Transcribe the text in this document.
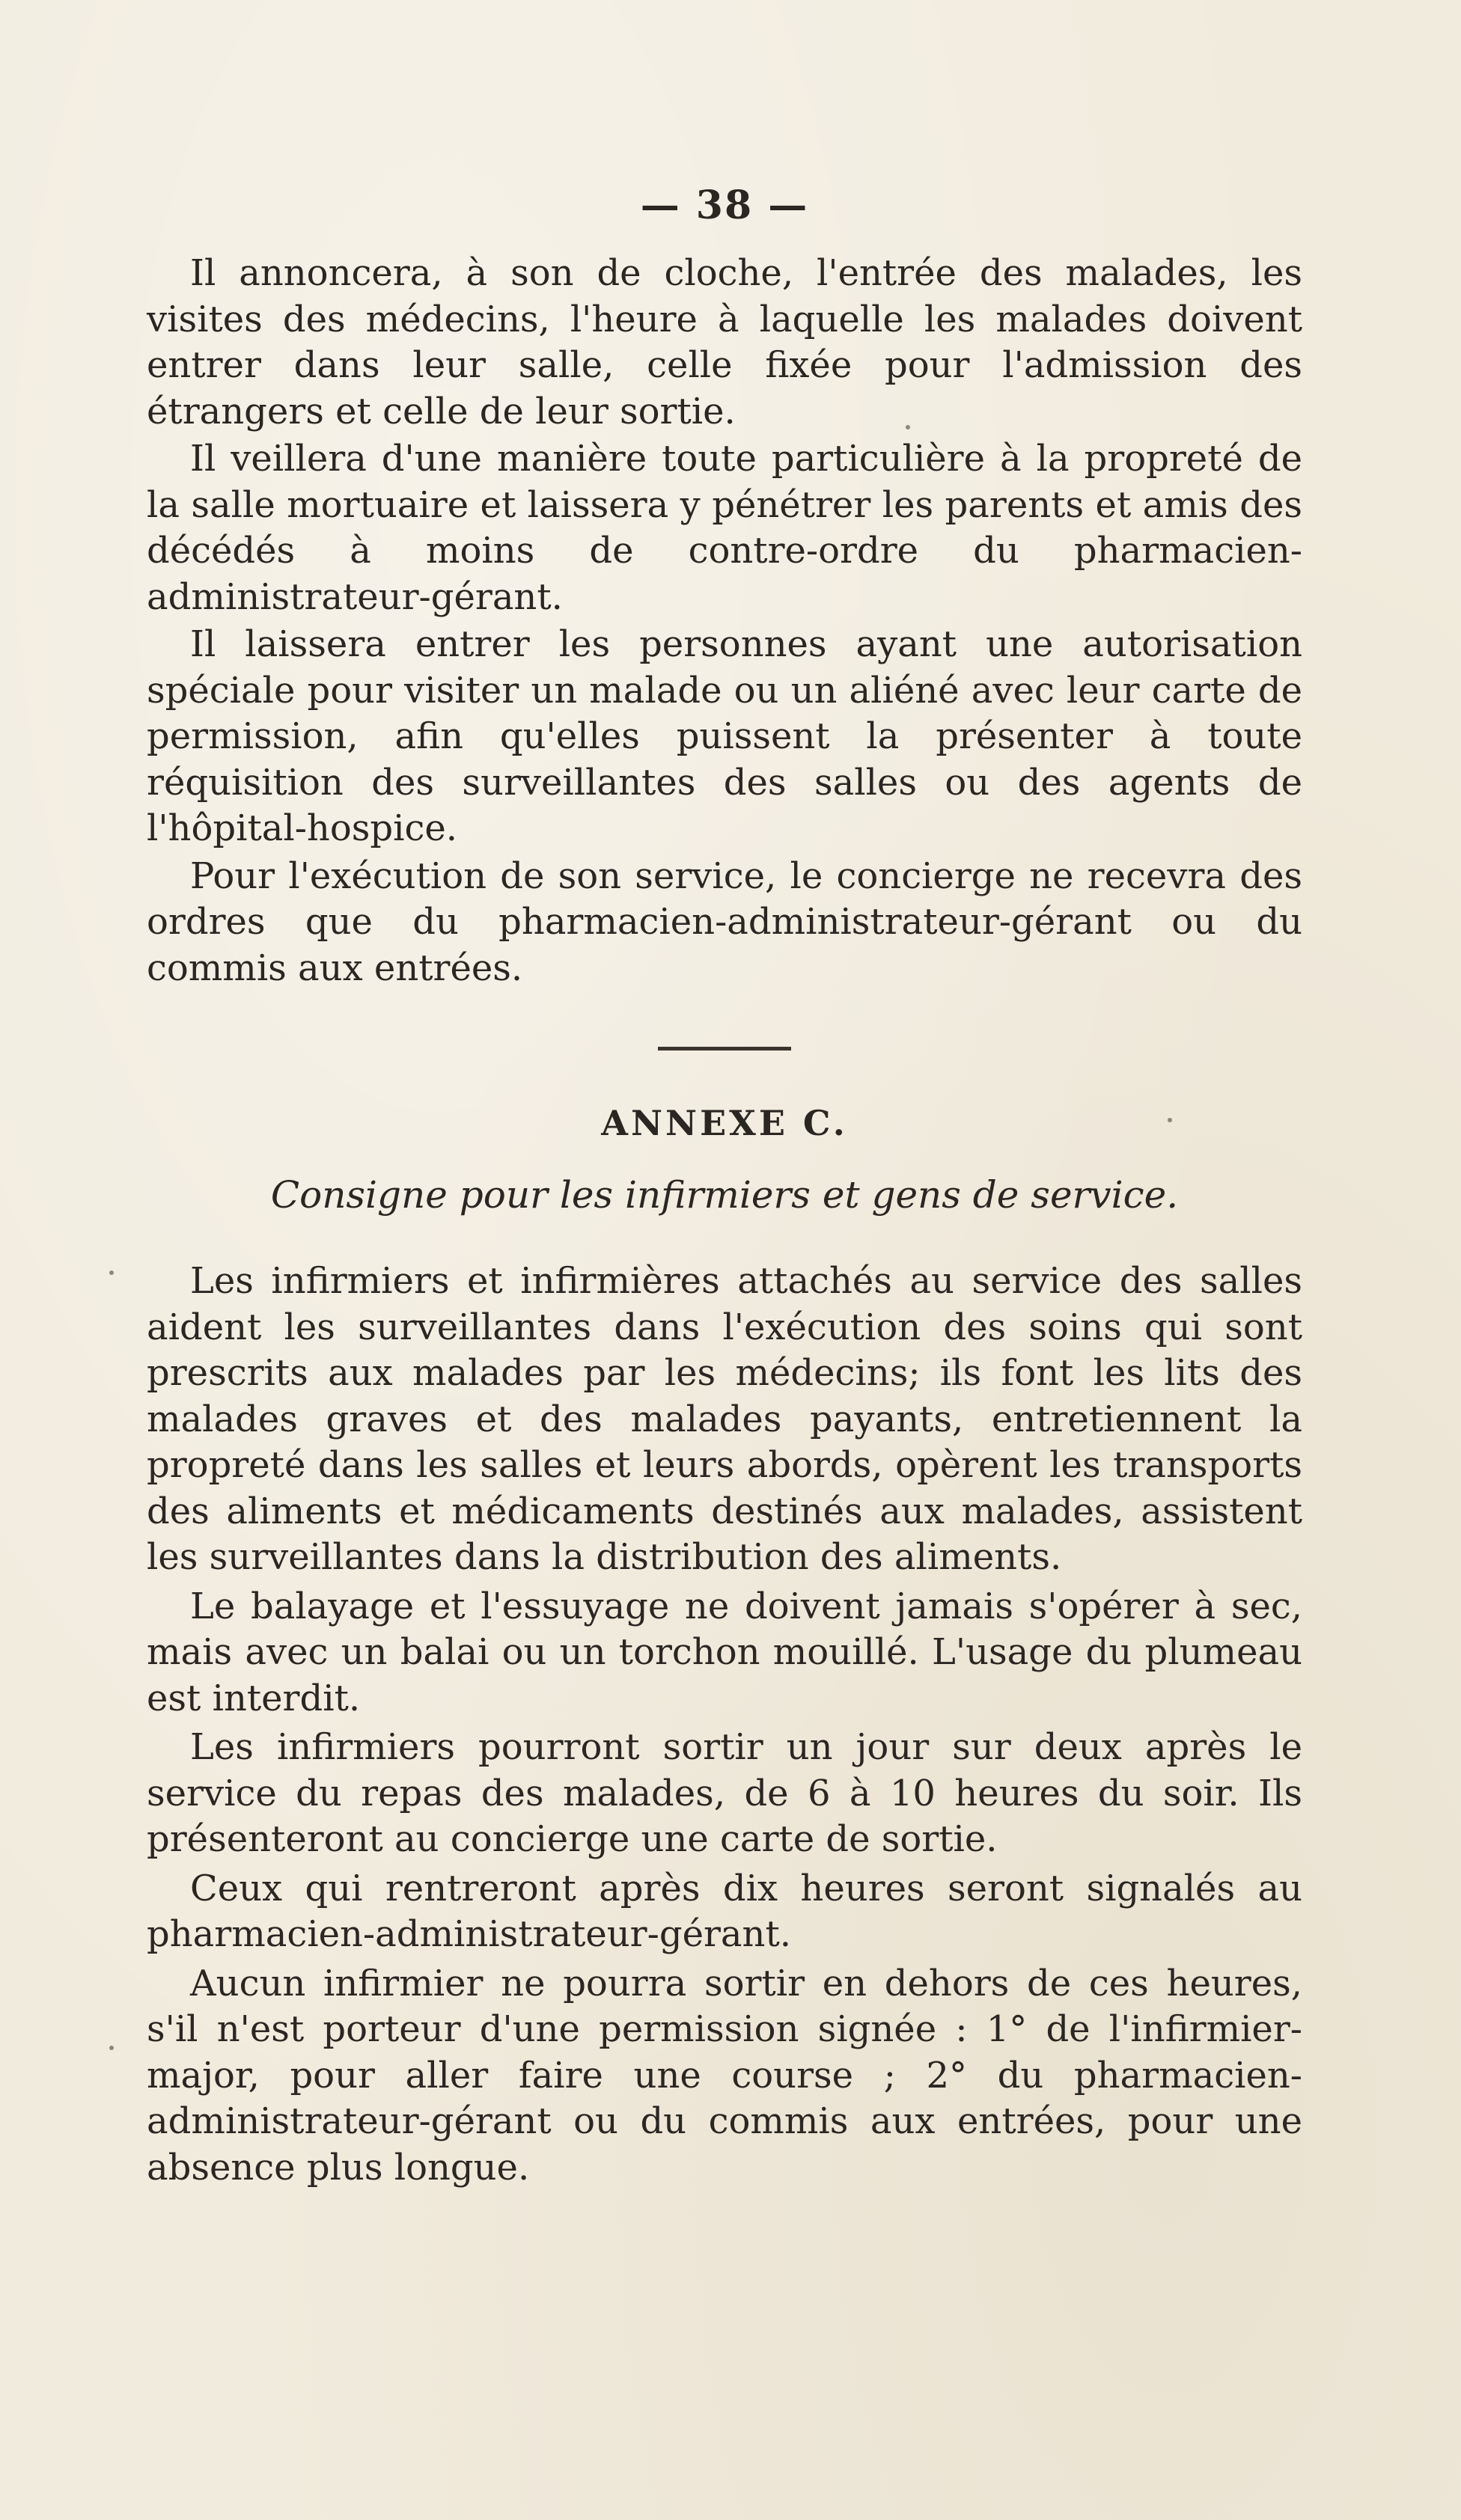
— 38 —

Il annoncera, à son de cloche, l'entrée des malades, les visites des médecins, l'heure à laquelle les malades doivent entrer dans leur salle, celle fixée pour l'admission des étrangers et celle de leur sortie.

Il veillera d'une manière toute particulière à la propreté de la salle mortuaire et laissera y pénétrer les parents et amis des décédés à moins de contre-ordre du pharmacien-administrateur-gérant.

Il laissera entrer les personnes ayant une autorisation spéciale pour visiter un malade ou un aliéné avec leur carte de permission, afin qu'elles puissent la présenter à toute réquisition des surveillantes des salles ou des agents de l'hôpital-hospice.

Pour l'exécution de son service, le concierge ne recevra des ordres que du pharmacien-administrateur-gérant ou du commis aux entrées.

ANNEXE C.
Consigne pour les infirmiers et gens de service.

Les infirmiers et infirmières attachés au service des salles aident les surveillantes dans l'exécution des soins qui sont prescrits aux malades par les médecins; ils font les lits des malades graves et des malades payants, entretiennent la propreté dans les salles et leurs abords, opèrent les transports des aliments et médicaments destinés aux malades, assistent les surveillantes dans la distribution des aliments.

Le balayage et l'essuyage ne doivent jamais s'opérer à sec, mais avec un balai ou un torchon mouillé. L'usage du plumeau est interdit.

Les infirmiers pourront sortir un jour sur deux après le service du repas des malades, de 6 à 10 heures du soir. Ils présenteront au concierge une carte de sortie.

Ceux qui rentreront après dix heures seront signalés au pharmacien-administrateur-gérant.

Aucun infirmier ne pourra sortir en dehors de ces heures, s'il n'est porteur d'une permission signée : 1° de l'infirmier-major, pour aller faire une course ; 2° du pharmacien-administrateur-gérant ou du commis aux entrées, pour une absence plus longue.
